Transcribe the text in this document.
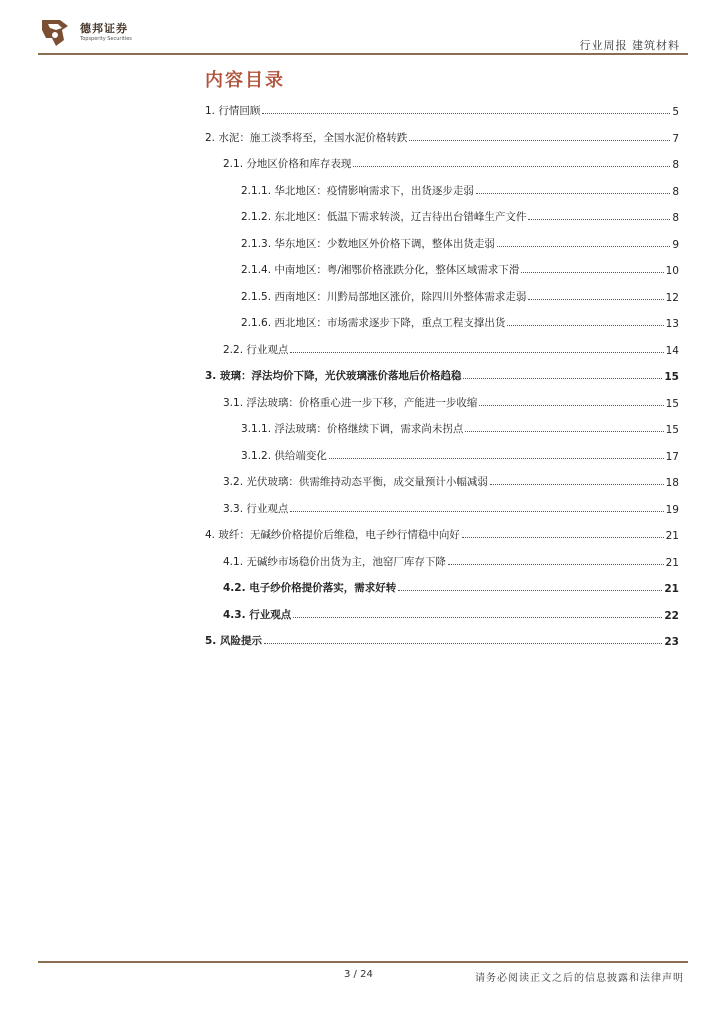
德邦证券
Topsperity Securities	行业周报 建筑材料
内容目录
1. 行情回顾	5
2. 水泥：施工淡季将至，全国水泥价格转跌	7
2.1. 分地区价格和库存表现	8
2.1.1. 华北地区：疫情影响需求下，出货逐步走弱	8
2.1.2. 东北地区：低温下需求转淡，辽吉待出台错峰生产文件	8
2.1.3. 华东地区：少数地区外价格下调，整体出货走弱	9
2.1.4. 中南地区：粤/湘鄂价格涨跌分化，整体区域需求下滑	10
2.1.5. 西南地区：川黔局部地区涨价，除四川外整体需求走弱	12
2.1.6. 西北地区：市场需求逐步下降，重点工程支撑出货	13
2.2. 行业观点	14
3. 玻璃：浮法均价下降，光伏玻璃涨价落地后价格趋稳	15
3.1. 浮法玻璃：价格重心进一步下移，产能进一步收缩	15
3.1.1. 浮法玻璃：价格继续下调，需求尚未拐点	15
3.1.2. 供给端变化	17
3.2. 光伏玻璃：供需维持动态平衡，成交量预计小幅减弱	18
3.3. 行业观点	19
4. 玻纤：无碱纱价格提价后维稳，电子纱行情稳中向好	21
4.1. 无碱纱市场稳价出货为主，池窑厂库存下降	21
4.2. 电子纱价格提价落实，需求好转	21
4.3. 行业观点	22
5. 风险提示	23
3 / 24	请务必阅读正文之后的信息披露和法律声明
